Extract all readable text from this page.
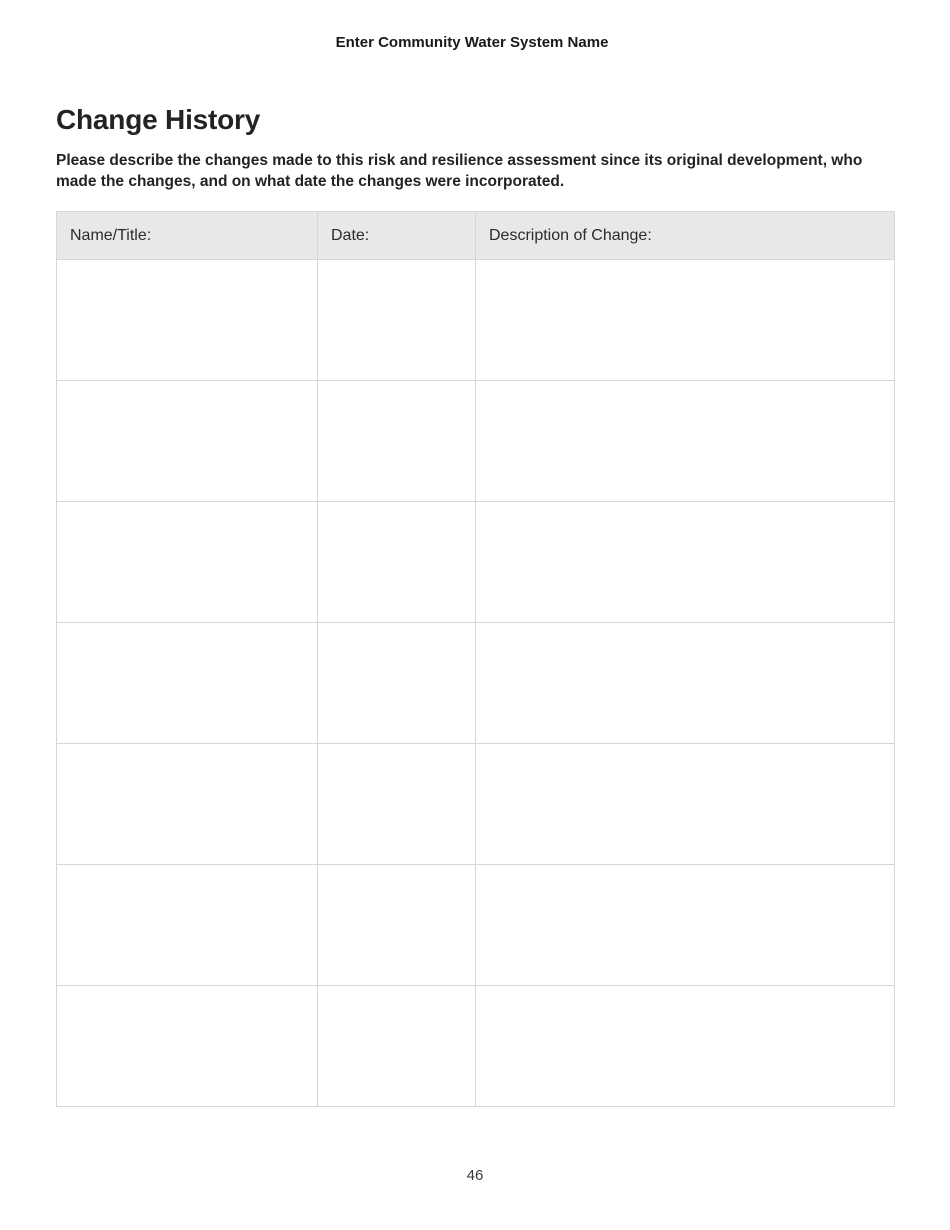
Enter Community Water System Name
Change History

Please describe the changes made to this risk and resilience assessment since its original development, who made the changes, and on what date the changes were incorporated.

Name/Title:	Date:	Description of Change:

46
